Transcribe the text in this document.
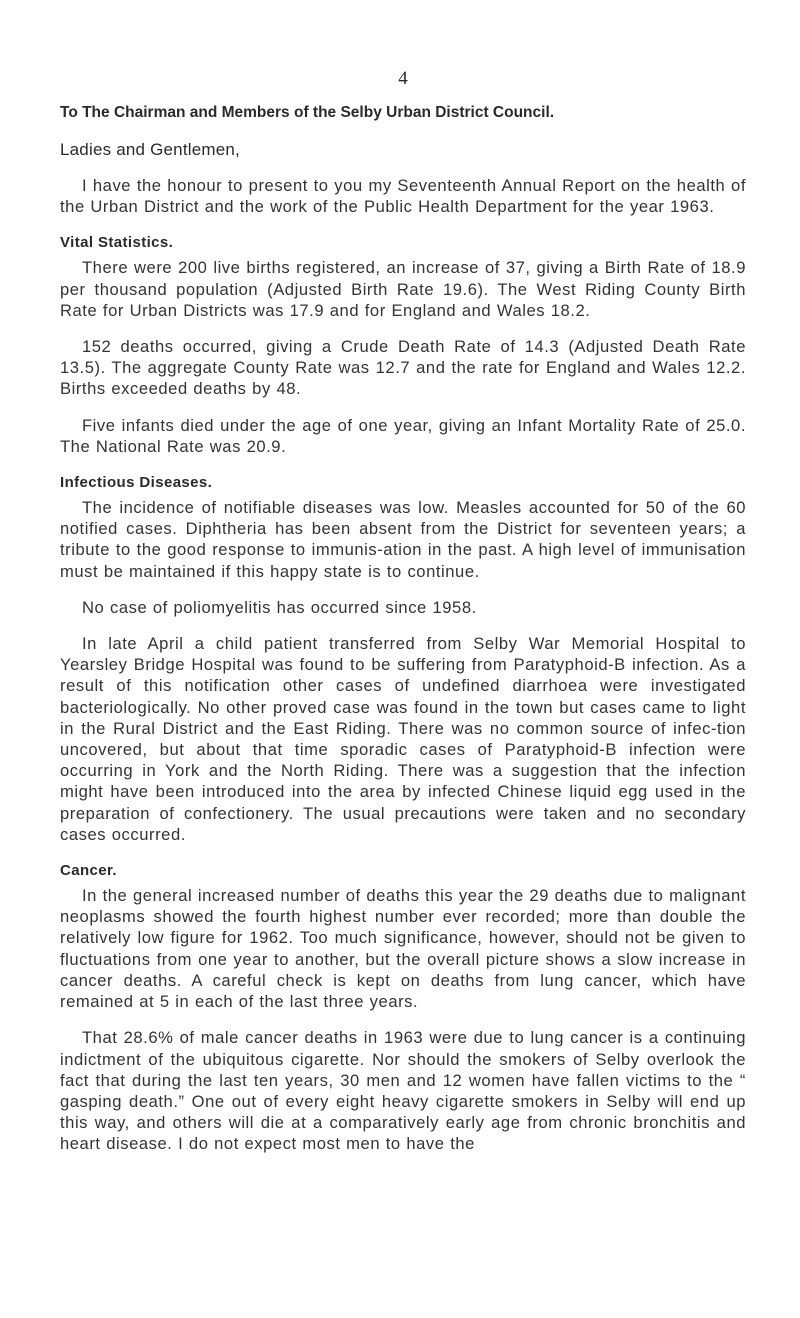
4
To The Chairman and Members of the Selby Urban District Council.
Ladies and Gentlemen,

I have the honour to present to you my Seventeenth Annual Report on the health of the Urban District and the work of the Public Health Department for the year 1963.

Vital Statistics.

There were 200 live births registered, an increase of 37, giving a Birth Rate of 18.9 per thousand population (Adjusted Birth Rate 19.6). The West Riding County Birth Rate for Urban Districts was 17.9 and for England and Wales 18.2.

152 deaths occurred, giving a Crude Death Rate of 14.3 (Adjusted Death Rate 13.5). The aggregate County Rate was 12.7 and the rate for England and Wales 12.2. Births exceeded deaths by 48.

Five infants died under the age of one year, giving an Infant Mortality Rate of 25.0. The National Rate was 20.9.

Infectious Diseases.

The incidence of notifiable diseases was low. Measles accounted for 50 of the 60 notified cases. Diphtheria has been absent from the District for seventeen years; a tribute to the good response to immunis-ation in the past. A high level of immunisation must be maintained if this happy state is to continue.

No case of poliomyelitis has occurred since 1958.

In late April a child patient transferred from Selby War Memorial Hospital to Yearsley Bridge Hospital was found to be suffering from Paratyphoid-B infection. As a result of this notification other cases of undefined diarrhoea were investigated bacteriologically. No other proved case was found in the town but cases came to light in the Rural District and the East Riding. There was no common source of infec-tion uncovered, but about that time sporadic cases of Paratyphoid-B infection were occurring in York and the North Riding. There was a suggestion that the infection might have been introduced into the area by infected Chinese liquid egg used in the preparation of confectionery. The usual precautions were taken and no secondary cases occurred.

Cancer.

In the general increased number of deaths this year the 29 deaths due to malignant neoplasms showed the fourth highest number ever recorded; more than double the relatively low figure for 1962. Too much significance, however, should not be given to fluctuations from one year to another, but the overall picture shows a slow increase in cancer deaths. A careful check is kept on deaths from lung cancer, which have remained at 5 in each of the last three years.

That 28.6% of male cancer deaths in 1963 were due to lung cancer is a continuing indictment of the ubiquitous cigarette. Nor should the smokers of Selby overlook the fact that during the last ten years, 30 men and 12 women have fallen victims to the “ gasping death.” One out of every eight heavy cigarette smokers in Selby will end up this way, and others will die at a comparatively early age from chronic bronchitis and heart disease. I do not expect most men to have the
